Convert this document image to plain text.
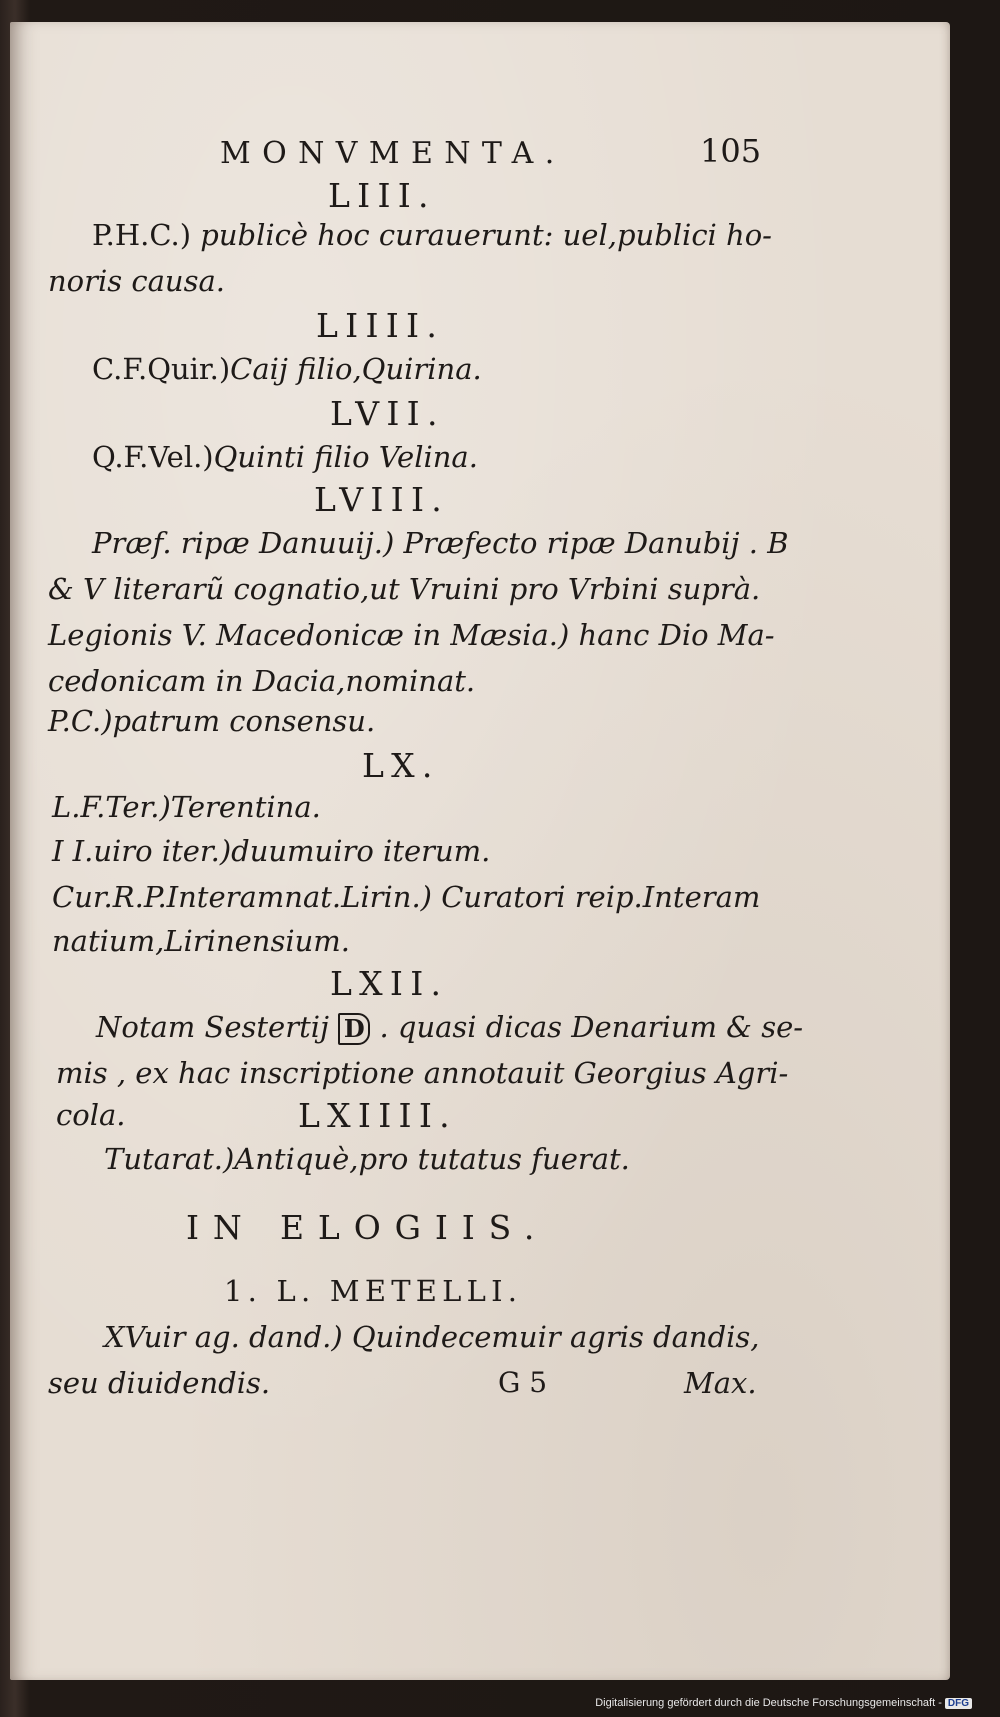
MONVMENTA.	105
LIII.
P.H.C.) publicè hoc curauerunt: uel,publici ho-
noris causa.
LIIII.
C.F.Quir.)Caij filio,Quirina.
LVII.
Q.F.Vel.)Quinti filio Velina.
LVIII.
Præf. ripæ Danuuij.) Præfecto ripæ Danubij . B
& V literarũ cognatio,ut Vruini pro Vrbini suprà.
Legionis V. Macedonicæ in Mæsia.) hanc Dio Ma-
cedonicam in Dacia,nominat.
P.C.)patrum consensu.
LX.
L.F.Ter.)Terentina.
I I.uiro iter.)duumuiro iterum.
Cur.R.P.Interamnat.Lirin.) Curatori reip.Interam
natium,Lirinensium.
LXII.
Notam Sestertij D . quasi dicas Denarium & se-
mis , ex hac inscriptione annotauit Georgius Agri-
cola.	LXIIII.
Tutarat.)Antiquè,pro tutatus fuerat.
IN ELOGIIS.
1. L. METELLI.
XVuir ag. dand.) Quindecemuir agris dandis,
seu diuidendis.	G 5	Max.
Digitalisierung gefördert durch die Deutsche Forschungsgemeinschaft - DFG
